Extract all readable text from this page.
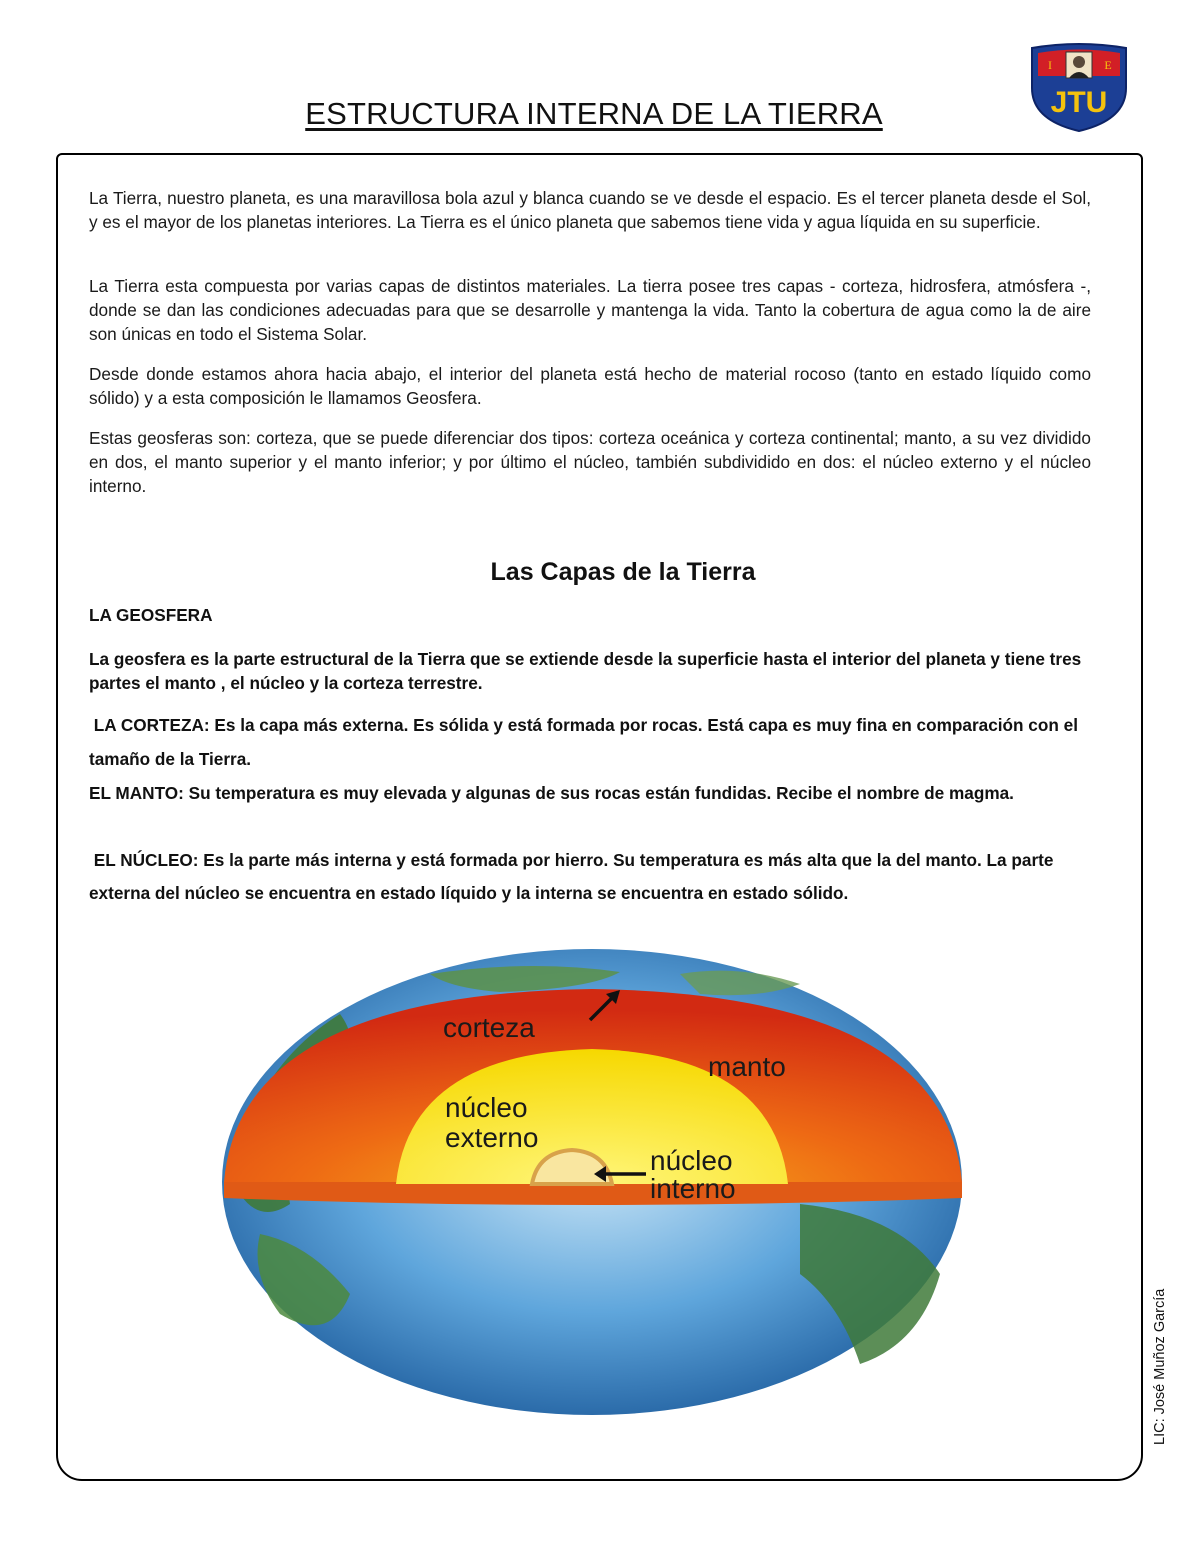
ESTRUCTURA INTERNA DE LA TIERRA
I	E
JTU

La Tierra, nuestro planeta, es una maravillosa bola azul y blanca cuando se ve desde el espacio. Es el tercer planeta desde el Sol, y es el mayor de los planetas interiores. La Tierra es el único planeta que sabemos tiene vida y agua líquida en su superficie.

La Tierra esta compuesta por varias capas de distintos materiales. La tierra posee tres capas - corteza, hidrosfera, atmósfera -, donde se dan las condiciones adecuadas para que se desarrolle y mantenga la vida. Tanto la cobertura de agua como la de aire son únicas en todo el Sistema Solar.

Desde donde estamos ahora hacia abajo, el interior del planeta está hecho de material rocoso (tanto en estado líquido como sólido) y a esta composición le llamamos Geosfera.

Estas geosferas son: corteza, que se puede diferenciar dos tipos: corteza oceánica y corteza continental; manto, a su vez dividido en dos, el manto superior y el manto inferior; y por último el núcleo, también subdividido en dos: el núcleo externo y el núcleo interno.

Las Capas de la Tierra

LA GEOSFERA

La geosfera es la parte estructural de la Tierra que se extiende desde la superficie hasta el interior del planeta y tiene tres partes el manto , el núcleo y la corteza terrestre.

LA CORTEZA: Es la capa más externa. Es sólida y está formada por rocas. Está capa es muy fina en comparación con el tamaño de la Tierra.

EL MANTO: Su temperatura es muy elevada y algunas de sus rocas están fundidas. Recibe el nombre de magma.

EL NÚCLEO: Es la parte más interna y está formada por hierro. Su temperatura es más alta que la del manto. La parte externa del núcleo se encuentra en estado líquido y la interna se encuentra en estado sólido.

corteza
manto
núcleo
externo
núcleo
interno
LIC: José Muñoz García
